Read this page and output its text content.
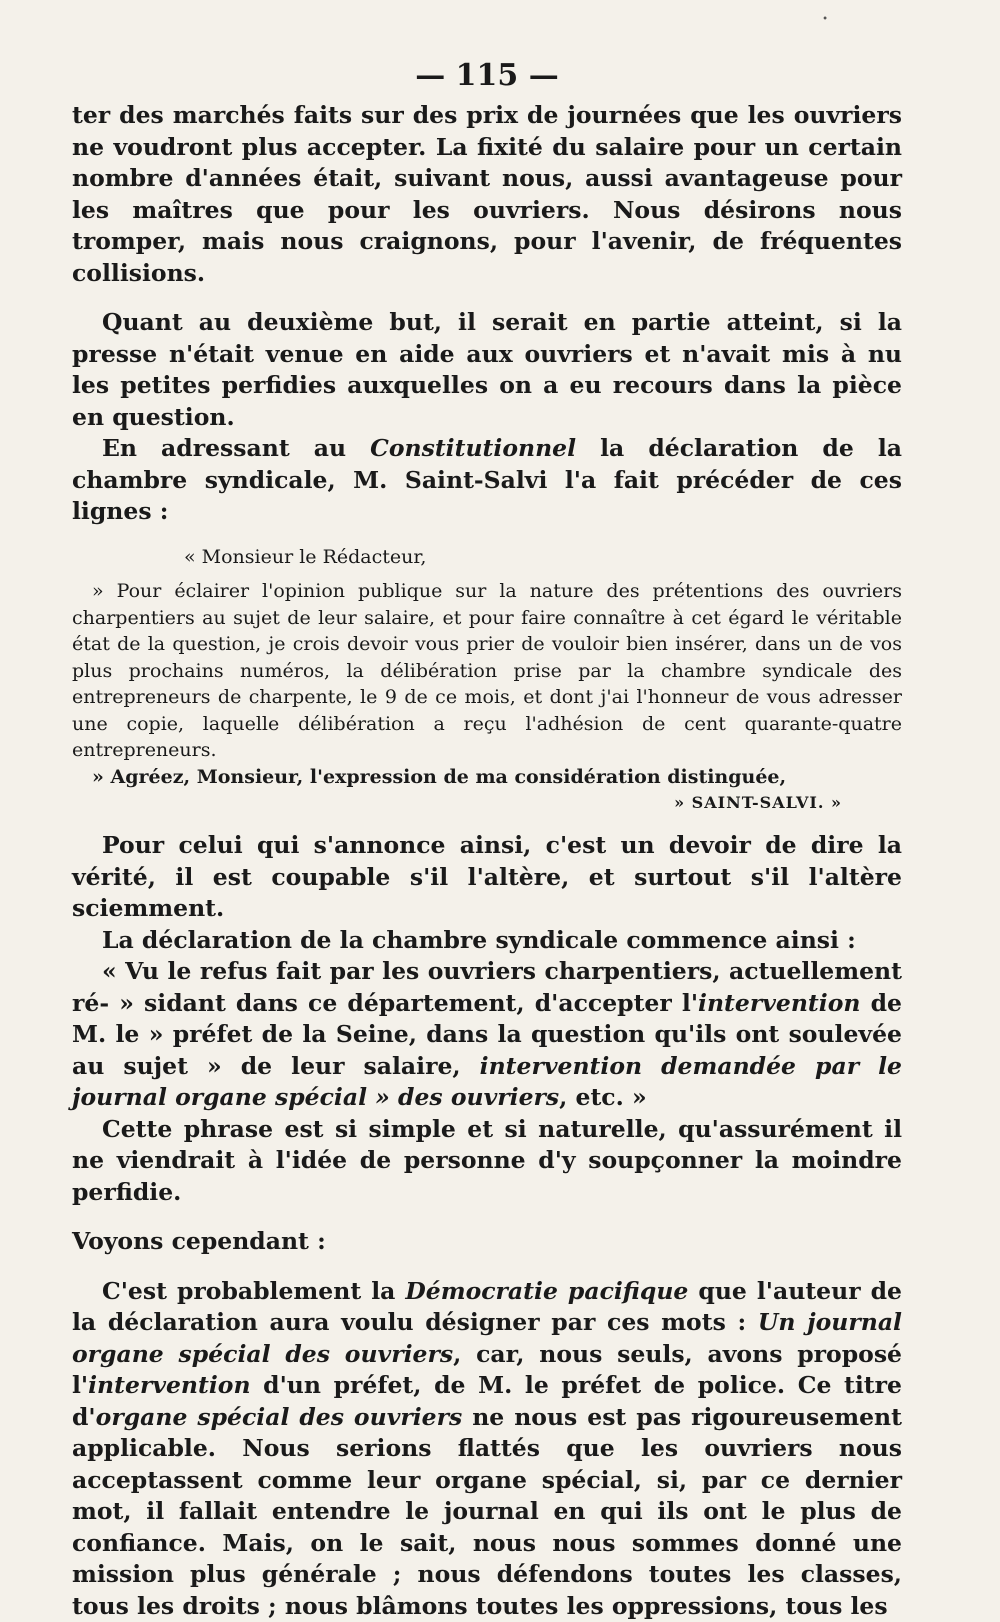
•
— 115 —

ter des marchés faits sur des prix de journées que les ouvriers ne voudront plus accepter. La fixité du salaire pour un certain nombre d'années était, suivant nous, aussi avantageuse pour les maîtres que pour les ouvriers. Nous désirons nous tromper, mais nous craignons, pour l'avenir, de fréquentes collisions.

Quant au deuxième but, il serait en partie atteint, si la presse n'était venue en aide aux ouvriers et n'avait mis à nu les petites perfidies auxquelles on a eu recours dans la pièce en question.

En adressant au Constitutionnel la déclaration de la chambre syndicale, M. Saint-Salvi l'a fait précéder de ces lignes :

« Monsieur le Rédacteur,

» Pour éclairer l'opinion publique sur la nature des prétentions des ouvriers charpentiers au sujet de leur salaire, et pour faire connaître à cet égard le véritable état de la question, je crois devoir vous prier de vouloir bien insérer, dans un de vos plus prochains numéros, la délibération prise par la chambre syndicale des entrepreneurs de charpente, le 9 de ce mois, et dont j'ai l'honneur de vous adresser une copie, laquelle délibération a reçu l'adhésion de cent quarante-quatre entrepreneurs.

» Agréez, Monsieur, l'expression de ma considération distinguée,

» SAINT-SALVI. »

Pour celui qui s'annonce ainsi, c'est un devoir de dire la vérité, il est coupable s'il l'altère, et surtout s'il l'altère sciemment.

La déclaration de la chambre syndicale commence ainsi :

« Vu le refus fait par les ouvriers charpentiers, actuellement ré- » sidant dans ce département, d'accepter l'intervention de M. le » préfet de la Seine, dans la question qu'ils ont soulevée au sujet » de leur salaire, intervention demandée par le journal organe spécial » des ouvriers, etc. »

Cette phrase est si simple et si naturelle, qu'assurément il ne viendrait à l'idée de personne d'y soupçonner la moindre perfidie.

Voyons cependant :

C'est probablement la Démocratie pacifique que l'auteur de la déclaration aura voulu désigner par ces mots : Un journal organe spécial des ouvriers, car, nous seuls, avons proposé l'intervention d'un préfet, de M. le préfet de police. Ce titre d'organe spécial des ouvriers ne nous est pas rigoureusement applicable. Nous serions flattés que les ouvriers nous acceptassent comme leur organe spécial, si, par ce dernier mot, il fallait entendre le journal en qui ils ont le plus de confiance. Mais, on le sait, nous nous sommes donné une mission plus générale ; nous défendons toutes les classes, tous les droits ; nous blâmons toutes les oppressions, tous les
